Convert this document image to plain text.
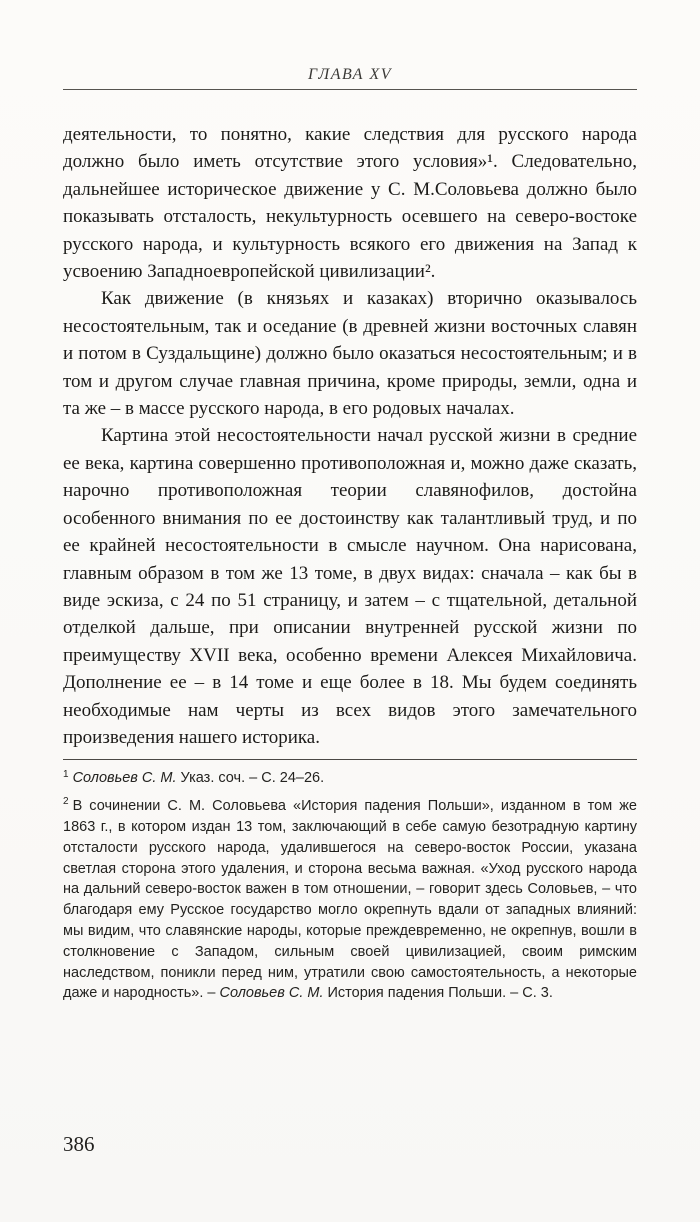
ГЛАВА XV

деятельности, то понятно, какие следствия для русского народа должно было иметь отсутствие этого условия»¹. Следовательно, дальнейшее историческое движение у С. М.Соловьева должно было показывать отсталость, некультурность осевшего на северо-востоке русского народа, и культурность всякого его движения на Запад к усвоению Западноевропейской цивилизации².

Как движение (в князьях и казаках) вторично оказывалось несостоятельным, так и оседание (в древней жизни восточных славян и потом в Суздальщине) должно было оказаться несостоятельным; и в том и другом случае главная причина, кроме природы, земли, одна и та же – в массе русского народа, в его родовых началах.

Картина этой несостоятельности начал русской жизни в средние ее века, картина совершенно противоположная и, можно даже сказать, нарочно противоположная теории славянофилов, достойна особенного внимания по ее достоинству как талантливый труд, и по ее крайней несостоятельности в смысле научном. Она нарисована, главным образом в том же 13 томе, в двух видах: сначала – как бы в виде эскиза, с 24 по 51 страницу, и затем – с тщательной, детальной отделкой дальше, при описании внутренней русской жизни по преимуществу XVII века, особенно времени Алексея Михайловича. Дополнение ее – в 14 томе и еще более в 18. Мы будем соединять необходимые нам черты из всех видов этого замечательного произведения нашего историка.

$^1$ Соловьев С. М. Указ. соч. – С. 24–26.

$^2$ В сочинении С. М. Соловьева «История падения Польши», изданном в том же 1863 г., в котором издан 13 том, заключающий в себе самую безотрадную картину отсталости русского народа, удалившегося на северо-восток России, указана светлая сторона этого удаления, и сторона весьма важная. «Уход русского народа на дальний северо-восток важен в том отношении, – говорит здесь Соловьев, – что благодаря ему Русское государство могло окрепнуть вдали от западных влияний: мы видим, что славянские народы, которые преждевременно, не окрепнув, вошли в столкновение с Западом, сильным своей цивилизацией, своим римским наследством, поникли перед ним, утратили свою самостоятельность, а некоторые даже и народность». – Соловьев С. М. История падения Польши. – С. 3.

386
